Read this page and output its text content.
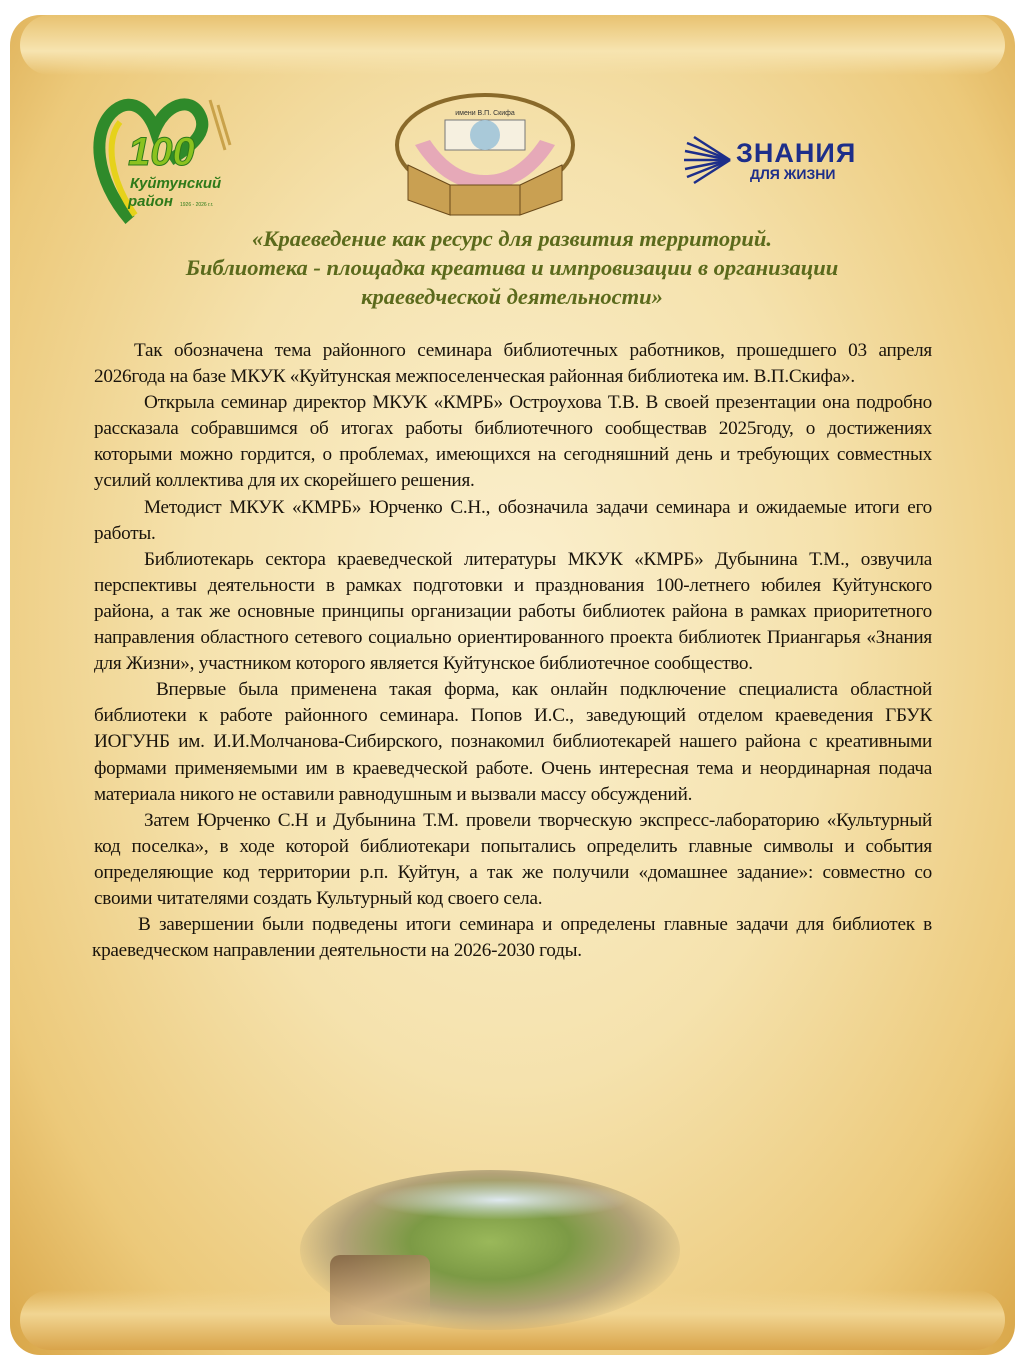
100
Куйтунский
район 1926 - 2026 г.г.
имени В.П. Скифа
ЗНАНИЯ
ДЛЯ ЖИЗНИ
«Краеведение как ресурс для развития территорий.
Библиотека - площадка креатива и импровизации в организации
краеведческой деятельности»

Так обозначена тема районного семинара библиотечных работников, прошедшего 03 апреля 2026года на базе МКУК «Куйтунская межпоселенческая районная библиотека им. В.П.Скифа».

Открыла семинар директор МКУК «КМРБ» Остроухова Т.В. В своей презентации она подробно рассказала собравшимся об итогах работы библиотечного сообществав 2025году, о достижениях которыми можно гордится, о проблемах, имеющихся на сегодняшний день и требующих совместных усилий коллектива для их скорейшего решения.

Методист МКУК «КМРБ» Юрченко С.Н., обозначила задачи семинара и ожидаемые итоги его работы.

Библиотекарь сектора краеведческой литературы МКУК «КМРБ» Дубынина Т.М., озвучила перспективы деятельности в рамках подготовки и празднования 100-летнего юбилея Куйтунского района, а так же основные принципы организации работы библиотек района в рамках приоритетного направления областного сетевого социально ориентированного проекта библиотек Приангарья «Знания для Жизни», участником которого является Куйтунское библиотечное сообщество.

Впервые была применена такая форма, как онлайн подключение специалиста областной библиотеки к работе районного семинара. Попов И.С., заведующий отделом краеведения ГБУК ИОГУНБ им. И.И.Молчанова-Сибирского, познакомил библиотекарей нашего района с креативными формами применяемыми им в краеведческой работе. Очень интересная тема и неординарная подача материала никого не оставили равнодушным и вызвали массу обсуждений.

Затем Юрченко С.Н и Дубынина Т.М. провели творческую экспресс-лабораторию «Культурный код поселка», в ходе которой библиотекари попытались определить главные символы и события определяющие код территории р.п. Куйтун, а так же получили «домашнее задание»: совместно со своими читателями создать Культурный код своего села.

В завершении были подведены итоги семинара и определены главные задачи для библиотек в краеведческом направлении деятельности на 2026-2030 годы.
